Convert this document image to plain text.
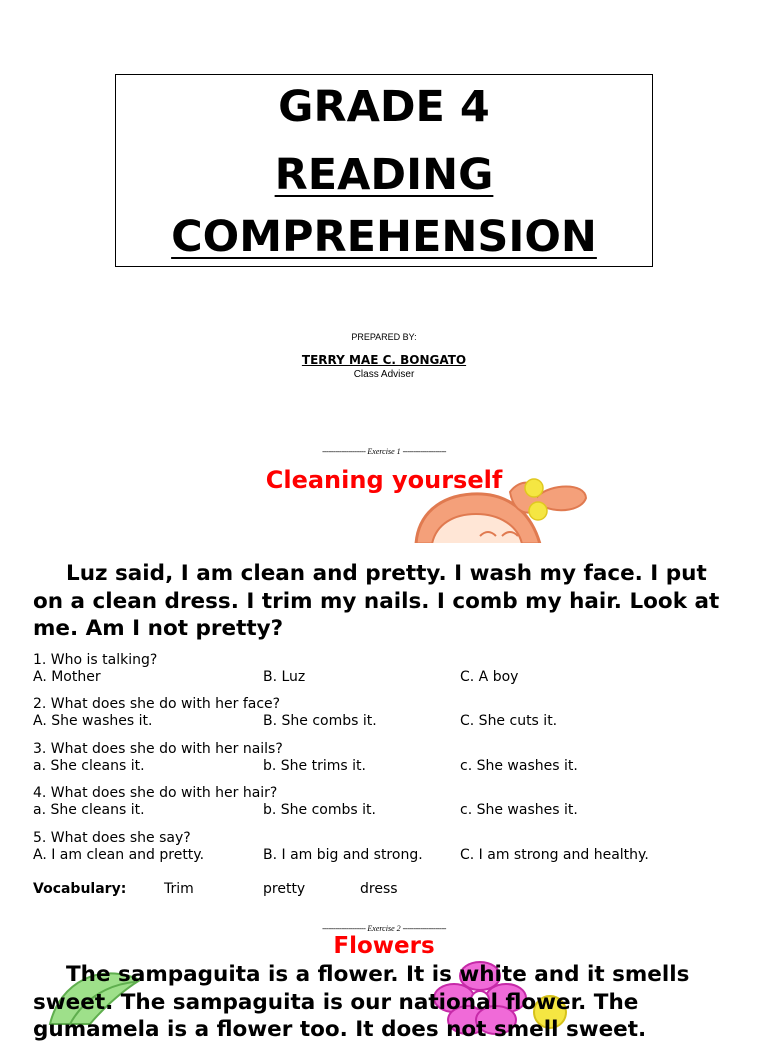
GRADE 4
READING
COMPREHENSION
PREPARED BY:
TERRY MAE C. BONGATO
Class Adviser
-------------------- Exercise 1 --------------------
Cleaning yourself
Luz said, I am clean and pretty. I wash my face. I put on a clean dress. I trim my nails. I comb my hair. Look at me. Am I not pretty?
1. Who is talking?
A. Mother	B. Luz	C. A boy
2. What does she do with her face?
A. She washes it.	B. She combs it.	C. She cuts it.
3. What does she do with her nails?
a. She cleans it.	b. She trims it.	c. She washes it.
4. What does she do with her hair?
a. She cleans it.	b. She combs it.	c. She washes it.
5. What does she say?
A. I am clean and pretty.	B. I am big and strong.	C. I am strong and healthy.
Vocabulary:	Trim	pretty	dress
-------------------- Exercise 2 --------------------
Flowers
The sampaguita is a flower. It is white and it smells
sweet. The sampaguita is our national flower. The
gumamela is a flower too. It does not smell sweet.
